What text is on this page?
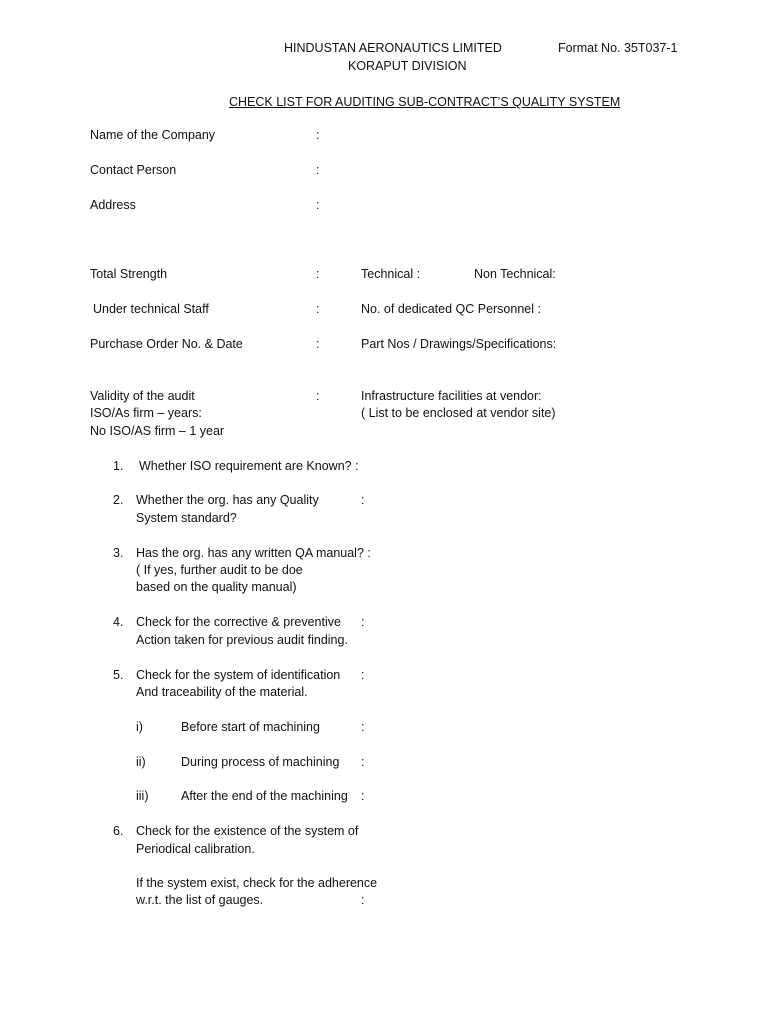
HINDUSTAN AERONAUTICS LIMITED	Format No. 35T037-1
KORAPUT DIVISION
CHECK LIST FOR AUDITING SUB-CONTRACT’S QUALITY SYSTEM
Name of the Company	:
Contact Person	:
Address	:
Total Strength	:	Technical :	Non Technical:
Under technical Staff	:	No. of dedicated QC Personnel :
Purchase Order No. & Date	:	Part Nos / Drawings/Specifications:
Validity of the audit	:	Infrastructure facilities at vendor:
ISO/As firm – years:	( List to be enclosed at vendor site)
No ISO/AS firm – 1 year
1. Whether ISO requirement are Known? :
2. Whether the org. has any Quality	:
System standard?
3. Has the org. has any written QA manual? :
( If yes, further audit to be doe
based on the quality manual)
4. Check for the corrective & preventive :
Action taken for previous audit finding.
5. Check for the system of identification :
And traceability of the material.
i)	Before start of machining	:
ii)	During process of machining :
iii)	After the end of the machining :
6. Check for the existence of the system of
Periodical calibration.
If the system exist, check for the adherence
w.r.t. the list of gauges.	:
